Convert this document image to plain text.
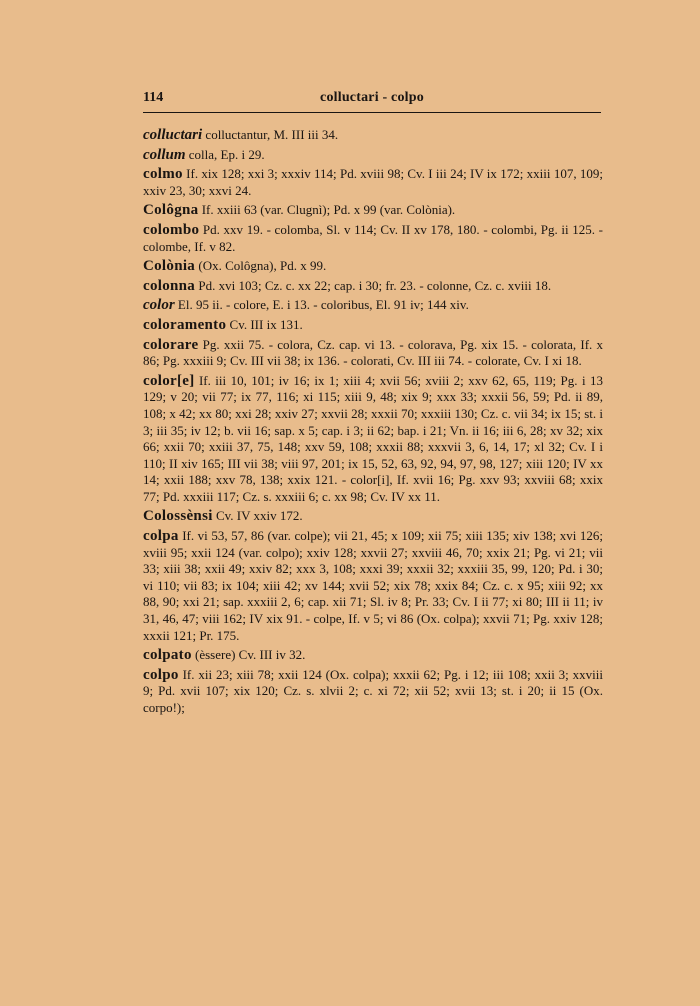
114	colluctari - colpo
colluctari colluctantur, M. III iii 34.
collum colla, Ep. i 29.
colmo If. xix 128; xxi 3; xxxiv 114; Pd. xviii 98; Cv. I iii 24; IV ix 172; xxiii 107, 109; xxiv 23, 30; xxvi 24.
Colôgna If. xxiii 63 (var. Clugnì); Pd. x 99 (var. Colònia).
colombo Pd. xxv 19. - colomba, Sl. v 114; Cv. II xv 178, 180. - colombi, Pg. ii 125. - colombe, If. v 82.
Colònia (Ox. Colôgna), Pd. x 99.
colonna Pd. xvi 103; Cz. c. xx 22; cap. i 30; fr. 23. - colonne, Cz. c. xviii 18.
color El. 95 ii. - colore, E. i 13. - coloribus, El. 91 iv; 144 xiv.
coloramento Cv. III ix 131.
colorare Pg. xxii 75. - colora, Cz. cap. vi 13. - colorava, Pg. xix 15. - colorata, If. x 86; Pg. xxxiii 9; Cv. III vii 38; ix 136. - colorati, Cv. III iii 74. - colorate, Cv. I xi 18.
color[e] If. iii 10, 101; iv 16; ix 1; xiii 4; xvii 56; xviii 2; xxv 62, 65, 119; Pg. i 13 129; v 20; vii 77; ix 77, 116; xi 115; xiii 9, 48; xix 9; xxx 33; xxxii 56, 59; Pd. ii 89, 108; x 42; xx 80; xxi 28; xxiv 27; xxvii 28; xxxii 70; xxxiii 130; Cz. c. vii 34; ix 15; st. i 3; iii 35; iv 12; b. vii 16; sap. x 5; cap. i 3; ii 62; bap. i 21; Vn. ii 16; iii 6, 28; xv 32; xix 66; xxii 70; xxiii 37, 75, 148; xxv 59, 108; xxxii 88; xxxvii 3, 6, 14, 17; xl 32; Cv. I i 110; II xiv 165; III vii 38; viii 97, 201; ix 15, 52, 63, 92, 94, 97, 98, 127; xiii 120; IV xx 14; xxii 188; xxv 78, 138; xxix 121. - color[i], If. xvii 16; Pg. xxv 93; xxviii 68; xxix 77; Pd. xxxiii 117; Cz. s. xxxiii 6; c. xx 98; Cv. IV xx 11.
Colossènsi Cv. IV xxiv 172.
colpa If. vi 53, 57, 86 (var. colpe); vii 21, 45; x 109; xii 75; xiii 135; xiv 138; xvi 126; xviii 95; xxii 124 (var. colpo); xxiv 128; xxvii 27; xxviii 46, 70; xxix 21; Pg. vi 21; vii 33; xiii 38; xxii 49; xxiv 82; xxx 3, 108; xxxi 39; xxxii 32; xxxiii 35, 99, 120; Pd. i 30; vi 110; vii 83; ix 104; xiii 42; xv 144; xvii 52; xix 78; xxix 84; Cz. c. x 95; xiii 92; xx 88, 90; xxi 21; sap. xxxiii 2, 6; cap. xii 71; Sl. iv 8; Pr. 33; Cv. I ii 77; xi 80; III ii 11; iv 31, 46, 47; viii 162; IV xix 91. - colpe, If. v 5; vi 86 (Ox. colpa); xxvii 71; Pg. xxiv 128; xxxii 121; Pr. 175.
colpato (èssere) Cv. III iv 32.
colpo If. xii 23; xiii 78; xxii 124 (Ox. colpa); xxxii 62; Pg. i 12; iii 108; xxii 3; xxviii 9; Pd. xvii 107; xix 120; Cz. s. xlvii 2; c. xi 72; xii 52; xvii 13; st. i 20; ii 15 (Ox. corpo!);
